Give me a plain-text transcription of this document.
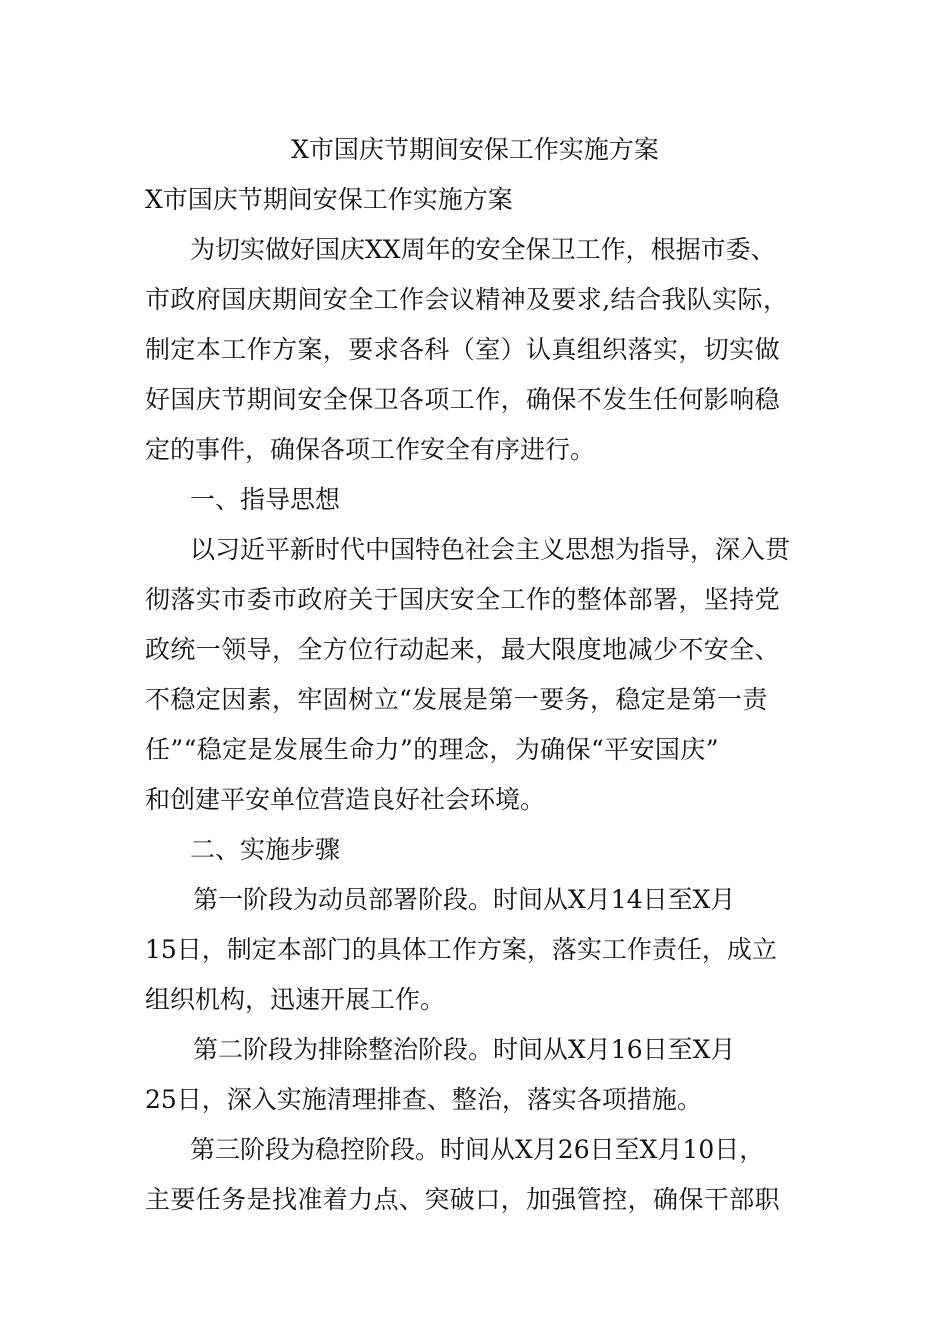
X市国庆节期间安保工作实施方案
X市国庆节期间安保工作实施方案
为切实做好国庆XX周年的安全保卫工作，根据市委、
市政府国庆期间安全工作会议精神及要求,结合我队实际，
制定本工作方案，要求各科（室）认真组织落实，切实做
好国庆节期间安全保卫各项工作，确保不发生任何影响稳
定的事件，确保各项工作安全有序进行。
一、指导思想
以习近平新时代中国特色社会主义思想为指导，深入贯
彻落实市委市政府关于国庆安全工作的整体部署，坚持党
政统一领导，全方位行动起来，最大限度地减少不安全、
不稳定因素，牢固树立“发展是第一要务，稳定是第一责
任”“稳定是发展生命力”的理念，为确保“平安国庆”
和创建平安单位营造良好社会环境。
二、实施步骤
第一阶段为动员部署阶段。时间从X月14日至X月
15日，制定本部门的具体工作方案，落实工作责任，成立
组织机构，迅速开展工作。
第二阶段为排除整治阶段。时间从X月16日至X月
25日，深入实施清理排查、整治，落实各项措施。
第三阶段为稳控阶段。时间从X月26日至X月10日，
主要任务是找准着力点、突破口，加强管控，确保干部职
